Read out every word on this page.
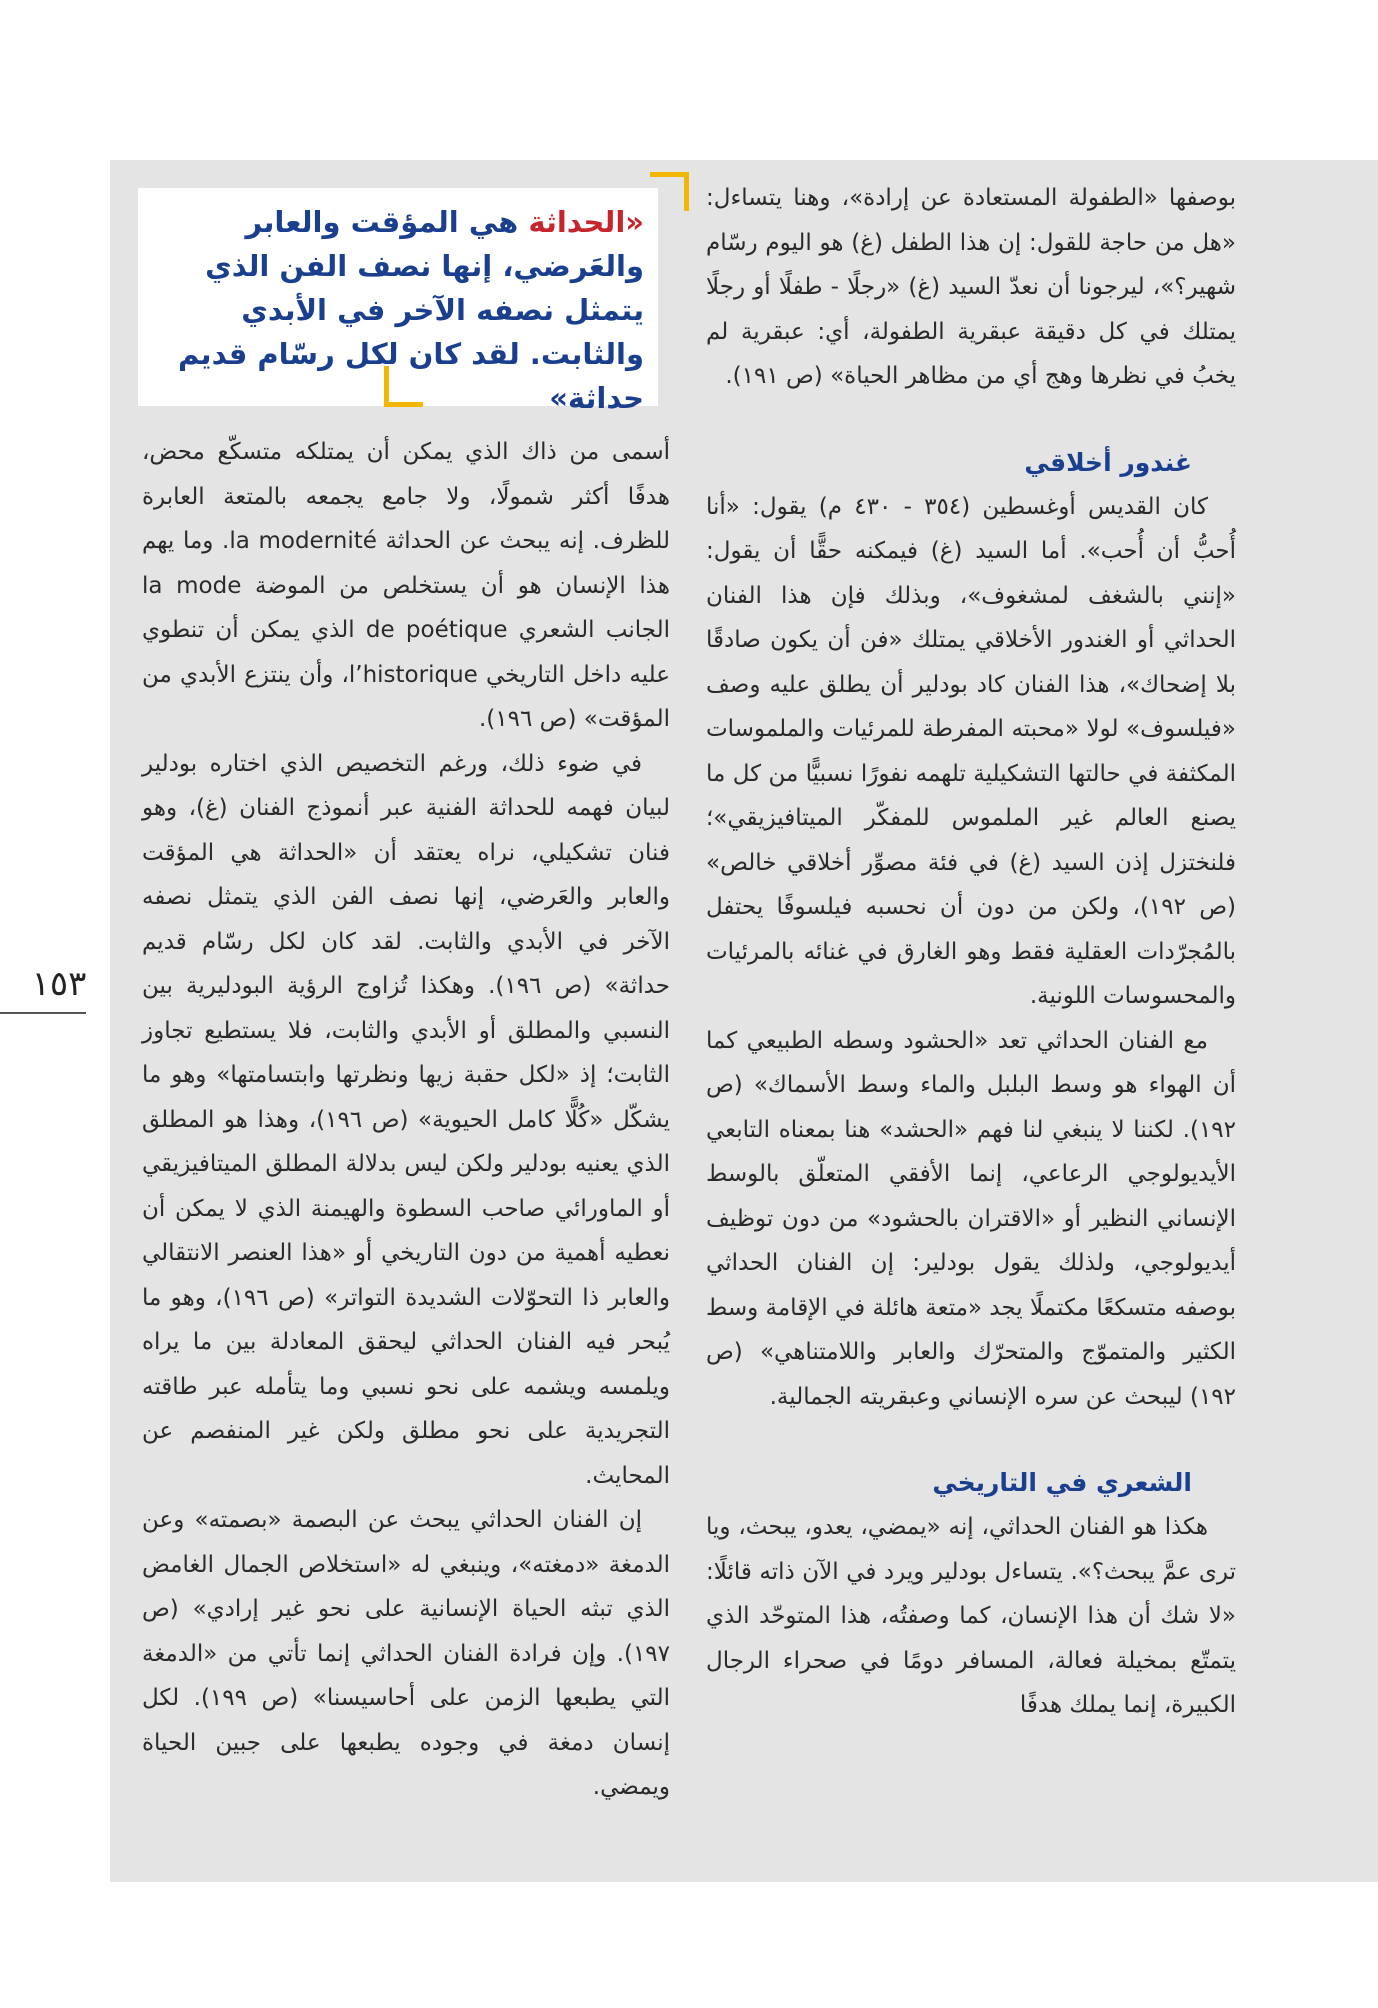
بوصفها «الطفولة المستعادة عن إرادة»، وهنا يتساءل: «هل من حاجة للقول: إن هذا الطفل (غ) هو اليوم رسّام شهير؟»، ليرجونا أن نعدّ السيد (غ) «رجلًا - طفلًا أو رجلًا يمتلك في كل دقيقة عبقرية الطفولة، أي: عبقرية لم يخبُ في نظرها وهج أي من مظاهر الحياة» (ص ١٩١).

غندور أخلاقي

كان القديس أوغسطين (٣٥٤ - ٤٣٠ م) يقول: «أنا أُحبُّ أن أُحب». أما السيد (غ) فيمكنه حقًّا أن يقول: «إنني بالشغف لمشغوف»، وبذلك فإن هذا الفنان الحداثي أو الغندور الأخلاقي يمتلك «فن أن يكون صادقًا بلا إضحاك»، هذا الفنان كاد بودلير أن يطلق عليه وصف «فيلسوف» لولا «محبته المفرطة للمرئيات والملموسات المكثفة في حالتها التشكيلية تلهمه نفورًا نسبيًّا من كل ما يصنع العالم غير الملموس للمفكّر الميتافيزيقي»؛ فلنختزل إذن السيد (غ) في فئة مصوِّر أخلاقي خالص» (ص ١٩٢)، ولكن من دون أن نحسبه فيلسوفًا يحتفل بالمُجرّدات العقلية فقط وهو الغارق في غنائه بالمرئيات والمحسوسات اللونية.

مع الفنان الحداثي تعد «الحشود وسطه الطبيعي كما أن الهواء هو وسط البلبل والماء وسط الأسماك» (ص ١٩٢). لكننا لا ينبغي لنا فهم «الحشد» هنا بمعناه التابعي الأيديولوجي الرعاعي، إنما الأفقي المتعلّق بالوسط الإنساني النظير أو «الاقتران بالحشود» من دون توظيف أيديولوجي، ولذلك يقول بودلير: إن الفنان الحداثي بوصفه متسكعًا مكتملًا يجد «متعة هائلة في الإقامة وسط الكثير والمتموّج والمتحرّك والعابر واللامتناهي» (ص ١٩٢) ليبحث عن سره الإنساني وعبقريته الجمالية.

الشعري في التاريخي

هكذا هو الفنان الحداثي، إنه «يمضي، يعدو، يبحث، ويا ترى عمَّ يبحث؟». يتساءل بودلير ويرد في الآن ذاته قائلًا: «لا شك أن هذا الإنسان، كما وصفتُه، هذا المتوحّد الذي يتمتّع بمخيلة فعالة، المسافر دومًا في صحراء الرجال الكبيرة، إنما يملك هدفًا

«الحداثة هي المؤقت والعابر والعَرضي، إنها نصف الفن الذي يتمثل نصفه الآخر في الأبدي والثابت. لقد كان لكل رسّام قديم حداثة»

أسمى من ذاك الذي يمكن أن يمتلكه متسكّع محض، هدفًا أكثر شمولًا، ولا جامع يجمعه بالمتعة العابرة للظرف. إنه يبحث عن الحداثة la modernité. وما يهم هذا الإنسان هو أن يستخلص من الموضة la mode الجانب الشعري de poétique الذي يمكن أن تنطوي عليه داخل التاريخي l’historique، وأن ينتزع الأبدي من المؤقت» (ص ١٩٦).

في ضوء ذلك، ورغم التخصيص الذي اختاره بودلير لبيان فهمه للحداثة الفنية عبر أنموذج الفنان (غ)، وهو فنان تشكيلي، نراه يعتقد أن «الحداثة هي المؤقت والعابر والعَرضي، إنها نصف الفن الذي يتمثل نصفه الآخر في الأبدي والثابت. لقد كان لكل رسّام قديم حداثة» (ص ١٩٦). وهكذا تُزاوج الرؤية البودليرية بين النسبي والمطلق أو الأبدي والثابت، فلا يستطيع تجاوز الثابت؛ إذ «لكل حقبة زيها ونظرتها وابتسامتها» وهو ما يشكّل «كُلًّا كامل الحيوية» (ص ١٩٦)، وهذا هو المطلق الذي يعنيه بودلير ولكن ليس بدلالة المطلق الميتافيزيقي أو الماورائي صاحب السطوة والهيمنة الذي لا يمكن أن نعطيه أهمية من دون التاريخي أو «هذا العنصر الانتقالي والعابر ذا التحوّلات الشديدة التواتر» (ص ١٩٦)، وهو ما يُبحر فيه الفنان الحداثي ليحقق المعادلة بين ما يراه ويلمسه ويشمه على نحو نسبي وما يتأمله عبر طاقته التجريدية على نحو مطلق ولكن غير المنفصم عن المحايث.

إن الفنان الحداثي يبحث عن البصمة «بصمته» وعن الدمغة «دمغته»، وينبغي له «استخلاص الجمال الغامض الذي تبثه الحياة الإنسانية على نحو غير إرادي» (ص ١٩٧). وإن فرادة الفنان الحداثي إنما تأتي من «الدمغة التي يطبعها الزمن على أحاسيسنا» (ص ١٩٩). لكل إنسان دمغة في وجوده يطبعها على جبين الحياة ويمضي.

١٥٣
